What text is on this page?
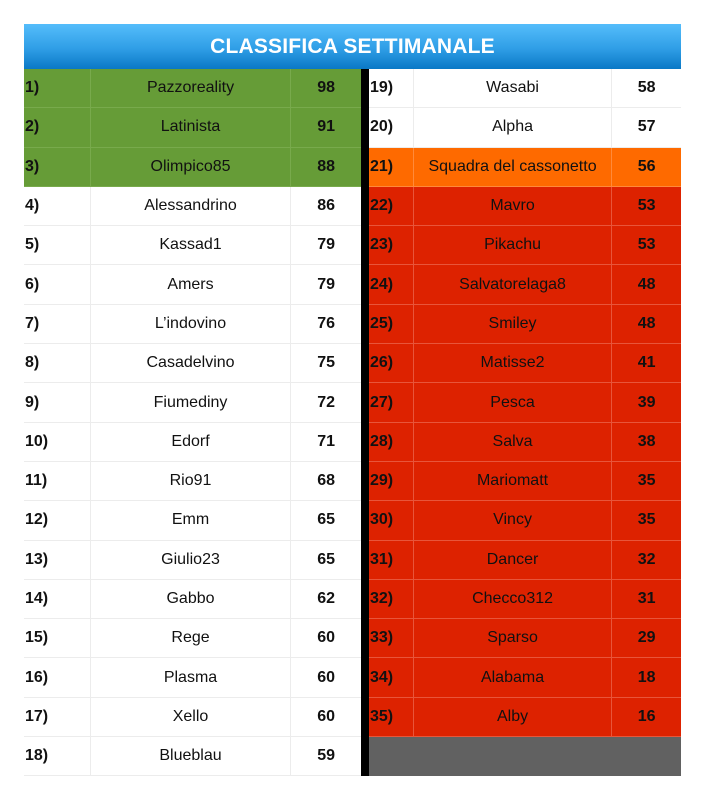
CLASSIFICA SETTIMANALE
1)	Pazzoreality	98
2)	Latinista	91
3)	Olimpico85	88
4)	Alessandrino	86
5)	Kassad1	79
6)	Amers	79
7)	L’indovino	76
8)	Casadelvino	75
9)	Fiumediny	72
10)	Edorf	71
11)	Rio91	68
12)	Emm	65
13)	Giulio23	65
14)	Gabbo	62
15)	Rege	60
16)	Plasma	60
17)	Xello	60
18)	Blueblau	59
19)	Wasabi	58
20)	Alpha	57
21)	Squadra del cassonetto	56
22)	Mavro	53
23)	Pikachu	53
24)	Salvatorelaga8	48
25)	Smiley	48
26)	Matisse2	41
27)	Pesca	39
28)	Salva	38
29)	Mariomatt	35
30)	Vincy	35
31)	Dancer	32
32)	Checco312	31
33)	Sparso	29
34)	Alabama	18
35)	Alby	16
